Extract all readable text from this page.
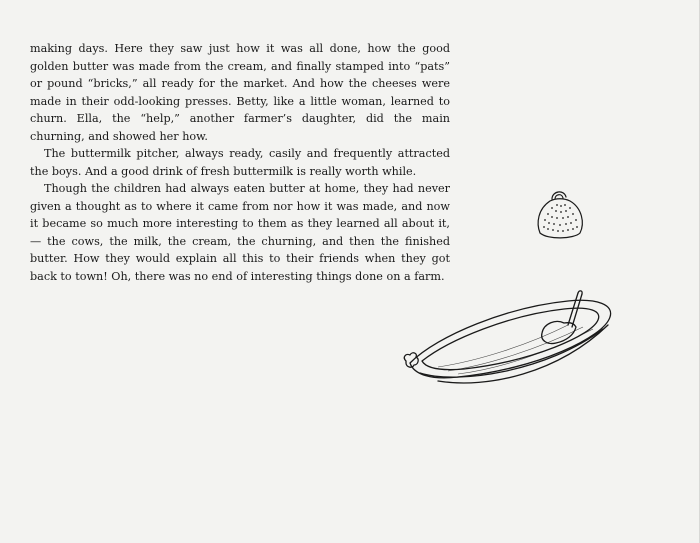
making days. Here they saw just how it was all done, how the good golden butter was made from the cream, and finally stamped into “pats” or pound “bricks,” all ready for the market. And how the cheeses were made in their odd-looking presses. Betty, like a little woman, learned to churn. Ella, the “help,” another farmer’s daughter, did the main churning, and showed her how.

The buttermilk pitcher, always ready, casily and frequently attracted the boys. And a good drink of fresh buttermilk is really worth while.

Though the children had always eaten butter at home, they had never given a thought as to where it came from nor how it was made, and now it became so much more interesting to them as they learned all about it, — the cows, the milk, the cream, the churning, and then the finished butter. How they would explain all this to their friends when they got back to town! Oh, there was no end of interesting things done on a farm.
